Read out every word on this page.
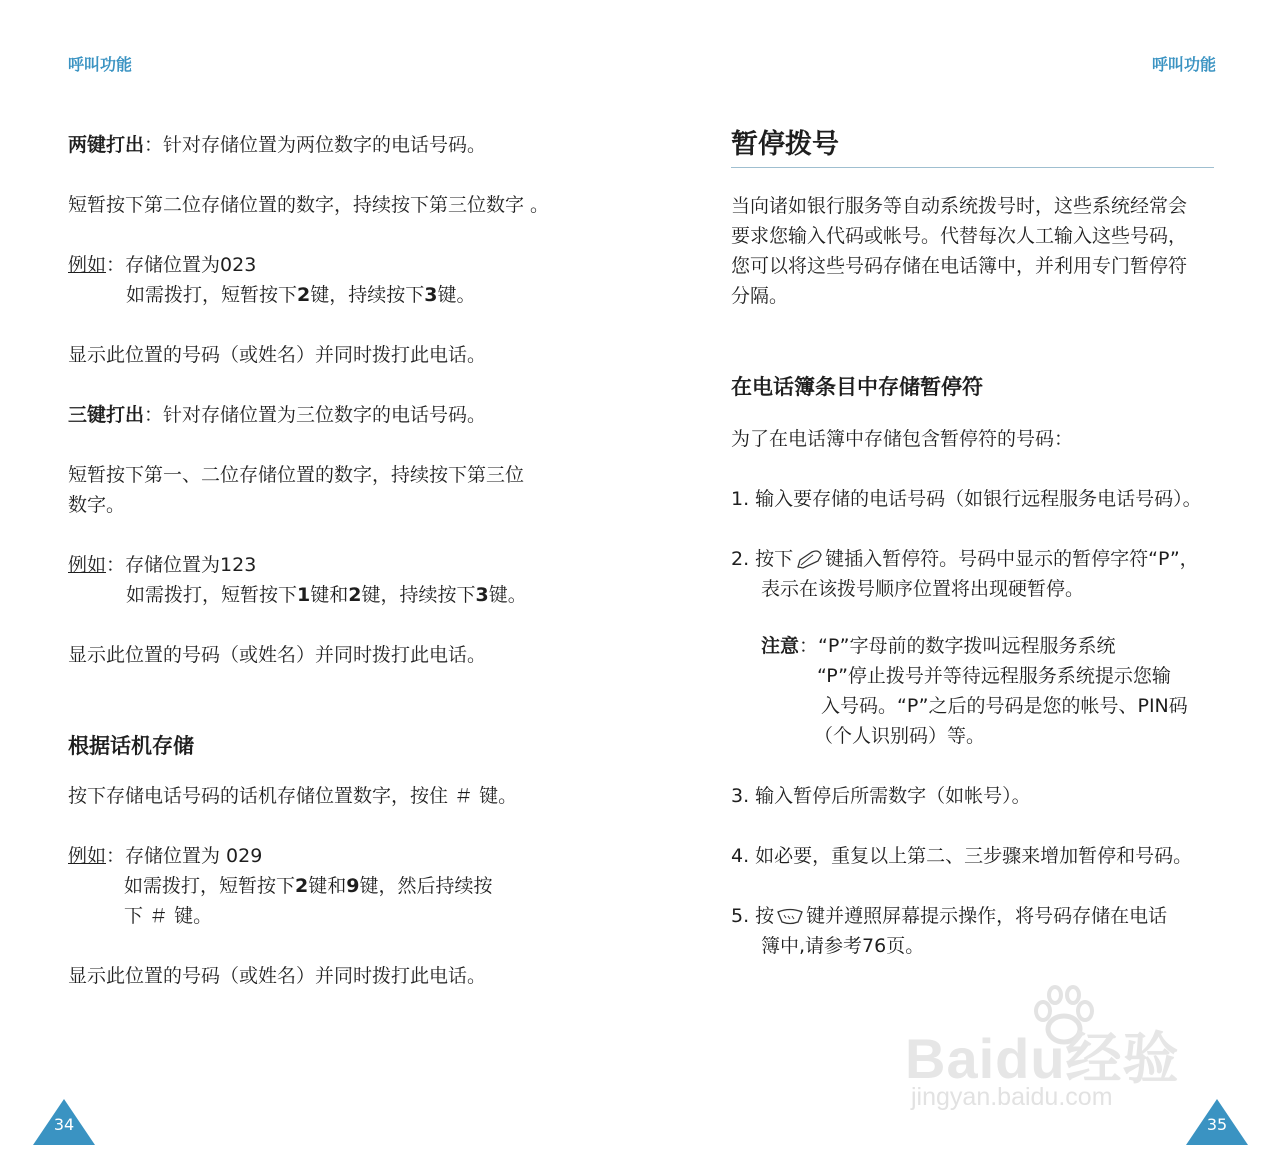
呼叫功能
两键打出：针对存储位置为两位数字的电话号码。
短暂按下第二位存储位置的数字，持续按下第三位数字 。
例如：存储位置为023
如需拨打，短暂按下2键，持续按下3键。
显示此位置的号码（或姓名）并同时拨打此电话。
三键打出：针对存储位置为三位数字的电话号码。
短暂按下第一、二位存储位置的数字，持续按下第三位
数字。
例如：存储位置为123
如需拨打，短暂按下1键和2键，持续按下3键。
显示此位置的号码（或姓名）并同时拨打此电话。
根据话机存储
按下存储电话号码的话机存储位置数字，按住 ＃ 键。
例如：存储位置为 029
如需拨打，短暂按下2键和9键，然后持续按
下 ＃ 键。
显示此位置的号码（或姓名）并同时拨打此电话。
34
呼叫功能
暂停拨号
当向诸如银行服务等自动系统拨号时，这些系统经常会
要求您输入代码或帐号。代替每次人工输入这些号码，
您可以将这些号码存储在电话簿中，并利用专门暂停符
分隔。
在电话簿条目中存储暂停符
为了在电话簿中存储包含暂停符的号码：
1. 输入要存储的电话号码（如银行远程服务电话号码）。
2. 按下 键插入暂停符。号码中显示的暂停字符“P”，
表示在该拨号顺序位置将出现硬暂停。
注意：“P”字母前的数字拨叫远程服务系统
“P”停止拨号并等待远程服务系统提示您输
入号码。“P”之后的号码是您的帐号、PIN码
（个人识别码）等。
3. 输入暂停后所需数字（如帐号）。
4. 如必要，重复以上第二、三步骤来增加暂停和号码。
5. 按 键并遵照屏幕提示操作，将号码存储在电话
簿中,请参考76页。
35
Baidu经验
jingyan.baidu.com
